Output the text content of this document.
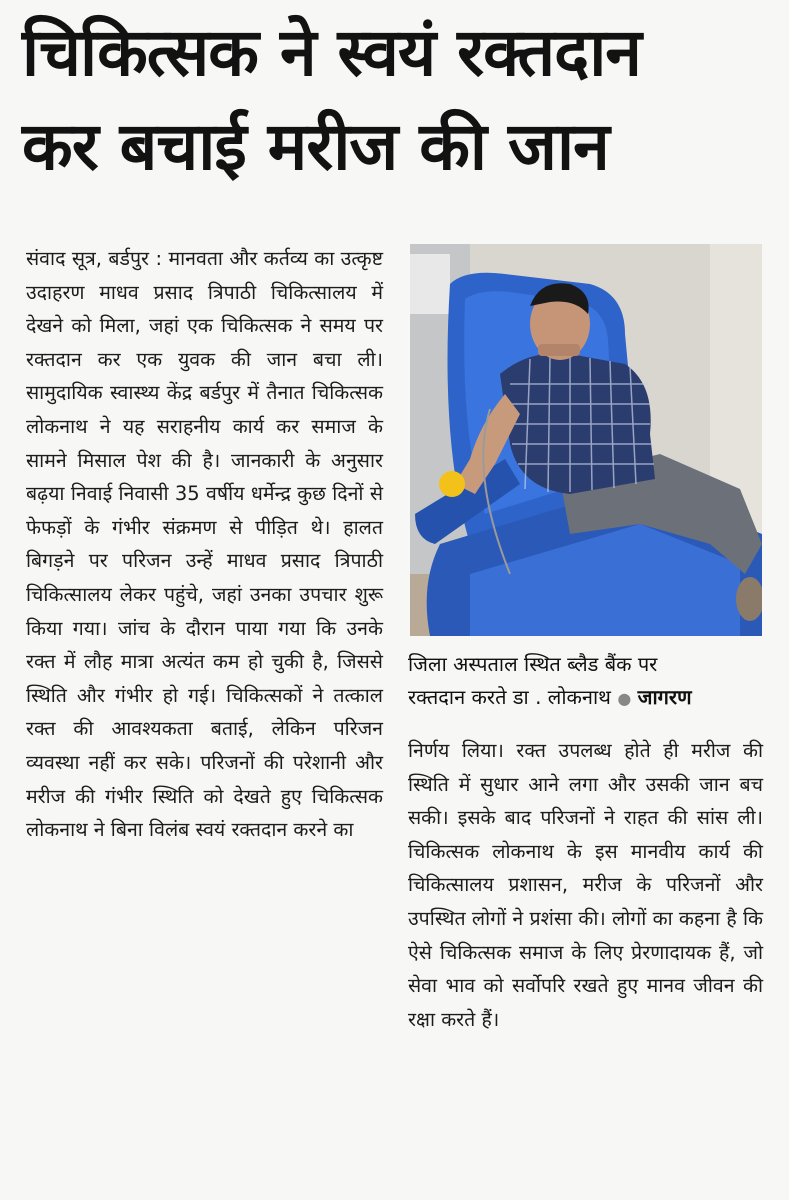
चिकित्सक ने स्वयं रक्तदान
कर बचाई मरीज की जान
संवाद सूत्र, बर्डपुर : मानवता और कर्तव्य का उत्कृष्ट उदाहरण माधव प्रसाद त्रिपाठी चिकित्सालय में देखने को मिला, जहां एक चिकित्सक ने समय पर रक्तदान कर एक युवक की जान बचा ली। सामुदायिक स्वास्थ्य केंद्र बर्डपुर में तैनात चिकित्सक लोकनाथ ने यह सराहनीय कार्य कर समाज के सामने मिसाल पेश की है। जानकारी के अनुसार बढ़या निवाई निवासी 35 वर्षीय धर्मेन्द्र कुछ दिनों से फेफड़ों के गंभीर संक्रमण से पीड़ित थे। हालत बिगड़ने पर परिजन उन्हें माधव प्रसाद त्रिपाठी चिकित्सालय लेकर पहुंचे, जहां उनका उपचार शुरू किया गया। जांच के दौरान पाया गया कि उनके रक्त में लौह मात्रा अत्यंत कम हो चुकी है, जिससे स्थिति और गंभीर हो गई। चिकित्सकों ने तत्काल रक्त की आवश्यकता बताई, लेकिन परिजन व्यवस्था नहीं कर सके। परिजनों की परेशानी और मरीज की गंभीर स्थिति को देखते हुए चिकित्सक लोकनाथ ने बिना विलंब स्वयं रक्तदान करने का
जिला अस्पताल स्थित ब्लैड बैंक पर
रक्तदान करते डा . लोकनाथ ● जागरण
निर्णय लिया। रक्त उपलब्ध होते ही मरीज की स्थिति में सुधार आने लगा और उसकी जान बच सकी। इसके बाद परिजनों ने राहत की सांस ली। चिकित्सक लोकनाथ के इस मानवीय कार्य की चिकित्सालय प्रशासन, मरीज के परिजनों और उपस्थित लोगों ने प्रशंसा की। लोगों का कहना है कि ऐसे चिकित्सक समाज के लिए प्रेरणादायक हैं, जो सेवा भाव को सर्वोपरि रखते हुए मानव जीवन की रक्षा करते हैं।
